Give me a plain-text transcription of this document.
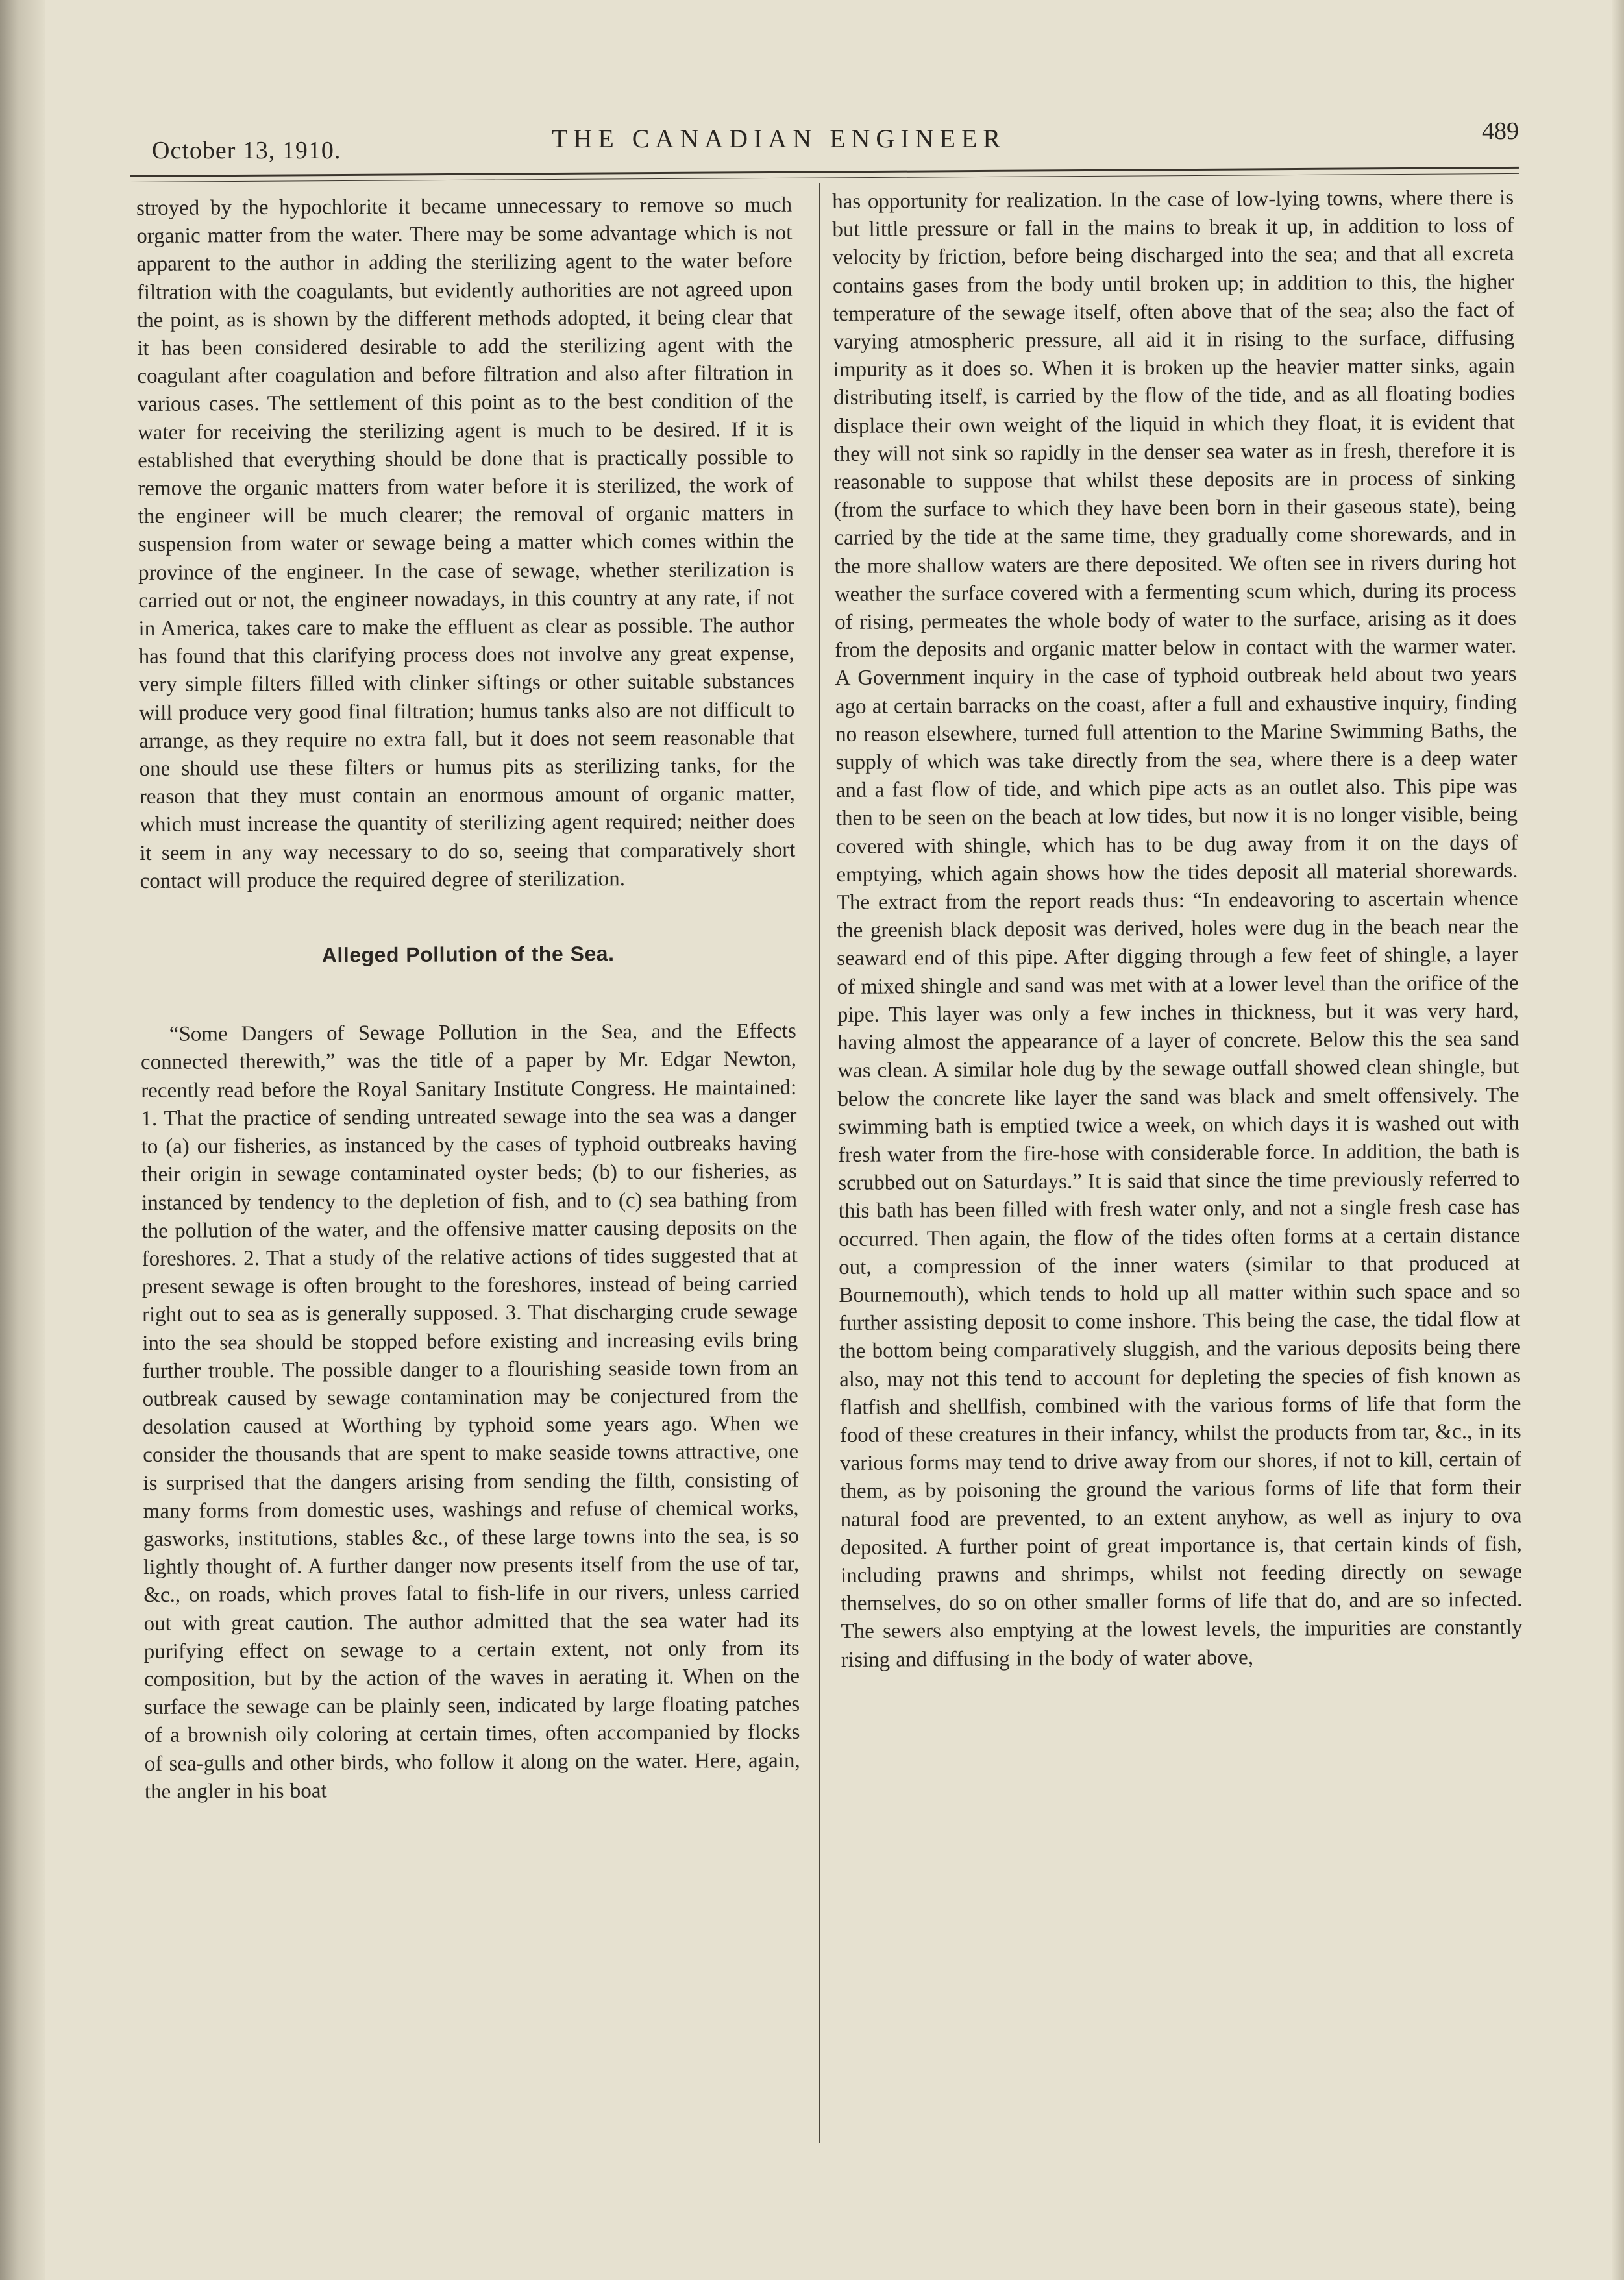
October 13, 1910.	THE CANADIAN ENGINEER	489

stroyed by the hypochlorite it became unnecessary to remove so much organic matter from the water. There may be some advantage which is not apparent to the author in adding the sterilizing agent to the water before filtration with the coagulants, but evidently authorities are not agreed upon the point, as is shown by the different methods adopted, it being clear that it has been considered desirable to add the sterilizing agent with the coagulant after coagulation and before filtration and also after filtration in various cases. The settlement of this point as to the best condition of the water for receiving the sterilizing agent is much to be desired. If it is established that everything should be done that is practically possible to remove the organic matters from water before it is sterilized, the work of the engineer will be much clearer; the removal of organic matters in suspension from water or sewage being a matter which comes within the province of the engineer. In the case of sewage, whether sterilization is carried out or not, the engineer nowadays, in this country at any rate, if not in America, takes care to make the effluent as clear as possible. The author has found that this clarifying process does not involve any great expense, very simple filters filled with clinker siftings or other suitable substances will produce very good final filtration; humus tanks also are not difficult to arrange, as they require no extra fall, but it does not seem reasonable that one should use these filters or humus pits as sterilizing tanks, for the reason that they must contain an enormous amount of organic matter, which must increase the quantity of sterilizing agent required; neither does it seem in any way necessary to do so, seeing that comparatively short contact will produce the required degree of sterilization.

Alleged Pollution of the Sea.

“Some Dangers of Sewage Pollution in the Sea, and the Effects connected therewith,” was the title of a paper by Mr. Edgar Newton, recently read before the Royal Sanitary Institute Congress. He maintained: 1. That the practice of sending untreated sewage into the sea was a danger to (a) our fisheries, as instanced by the cases of typhoid outbreaks having their origin in sewage contaminated oyster beds; (b) to our fisheries, as instanced by tendency to the depletion of fish, and to (c) sea bathing from the pollution of the water, and the offensive matter causing deposits on the foreshores. 2. That a study of the relative actions of tides suggested that at present sewage is often brought to the foreshores, instead of being carried right out to sea as is generally supposed. 3. That discharging crude sewage into the sea should be stopped before existing and increasing evils bring further trouble. The possible danger to a flourishing seaside town from an outbreak caused by sewage contamination may be conjectured from the desolation caused at Worthing by typhoid some years ago. When we consider the thousands that are spent to make seaside towns attractive, one is surprised that the dangers arising from sending the filth, consisting of many forms from domestic uses, washings and refuse of chemical works, gasworks, institutions, stables &c., of these large towns into the sea, is so lightly thought of. A further danger now presents itself from the use of tar, &c., on roads, which proves fatal to fish-life in our rivers, unless carried out with great caution. The author admitted that the sea water had its purifying effect on sewage to a certain extent, not only from its composition, but by the action of the waves in aerating it. When on the surface the sewage can be plainly seen, indicated by large floating patches of a brownish oily coloring at certain times, often accompanied by flocks of sea-gulls and other birds, who follow it along on the water. Here, again, the angler in his boat

has opportunity for realization. In the case of low-lying towns, where there is but little pressure or fall in the mains to break it up, in addition to loss of velocity by friction, before being discharged into the sea; and that all excreta contains gases from the body until broken up; in addition to this, the higher temperature of the sewage itself, often above that of the sea; also the fact of varying atmospheric pressure, all aid it in rising to the surface, diffusing impurity as it does so. When it is broken up the heavier matter sinks, again distributing itself, is carried by the flow of the tide, and as all floating bodies displace their own weight of the liquid in which they float, it is evident that they will not sink so rapidly in the denser sea water as in fresh, therefore it is reasonable to suppose that whilst these deposits are in process of sinking (from the surface to which they have been born in their gaseous state), being carried by the tide at the same time, they gradually come shorewards, and in the more shallow waters are there deposited. We often see in rivers during hot weather the surface covered with a fermenting scum which, during its process of rising, permeates the whole body of water to the surface, arising as it does from the deposits and organic matter below in contact with the warmer water. A Government inquiry in the case of typhoid outbreak held about two years ago at certain barracks on the coast, after a full and exhaustive inquiry, finding no reason elsewhere, turned full attention to the Marine Swimming Baths, the supply of which was take directly from the sea, where there is a deep water and a fast flow of tide, and which pipe acts as an outlet also. This pipe was then to be seen on the beach at low tides, but now it is no longer visible, being covered with shingle, which has to be dug away from it on the days of emptying, which again shows how the tides deposit all material shorewards. The extract from the report reads thus: “In endeavoring to ascertain whence the greenish black deposit was derived, holes were dug in the beach near the seaward end of this pipe. After digging through a few feet of shingle, a layer of mixed shingle and sand was met with at a lower level than the orifice of the pipe. This layer was only a few inches in thickness, but it was very hard, having almost the appearance of a layer of concrete. Below this the sea sand was clean. A similar hole dug by the sewage outfall showed clean shingle, but below the concrete like layer the sand was black and smelt offensively. The swimming bath is emptied twice a week, on which days it is washed out with fresh water from the fire-hose with considerable force. In addition, the bath is scrubbed out on Saturdays.” It is said that since the time previously referred to this bath has been filled with fresh water only, and not a single fresh case has occurred. Then again, the flow of the tides often forms at a certain distance out, a compression of the inner waters (similar to that produced at Bournemouth), which tends to hold up all matter within such space and so further assisting deposit to come inshore. This being the case, the tidal flow at the bottom being comparatively sluggish, and the various deposits being there also, may not this tend to account for depleting the species of fish known as flatfish and shellfish, combined with the various forms of life that form the food of these creatures in their infancy, whilst the products from tar, &c., in its various forms may tend to drive away from our shores, if not to kill, certain of them, as by poisoning the ground the various forms of life that form their natural food are prevented, to an extent anyhow, as well as injury to ova deposited. A further point of great importance is, that certain kinds of fish, including prawns and shrimps, whilst not feeding directly on sewage themselves, do so on other smaller forms of life that do, and are so infected. The sewers also emptying at the lowest levels, the impurities are constantly rising and diffusing in the body of water above,
